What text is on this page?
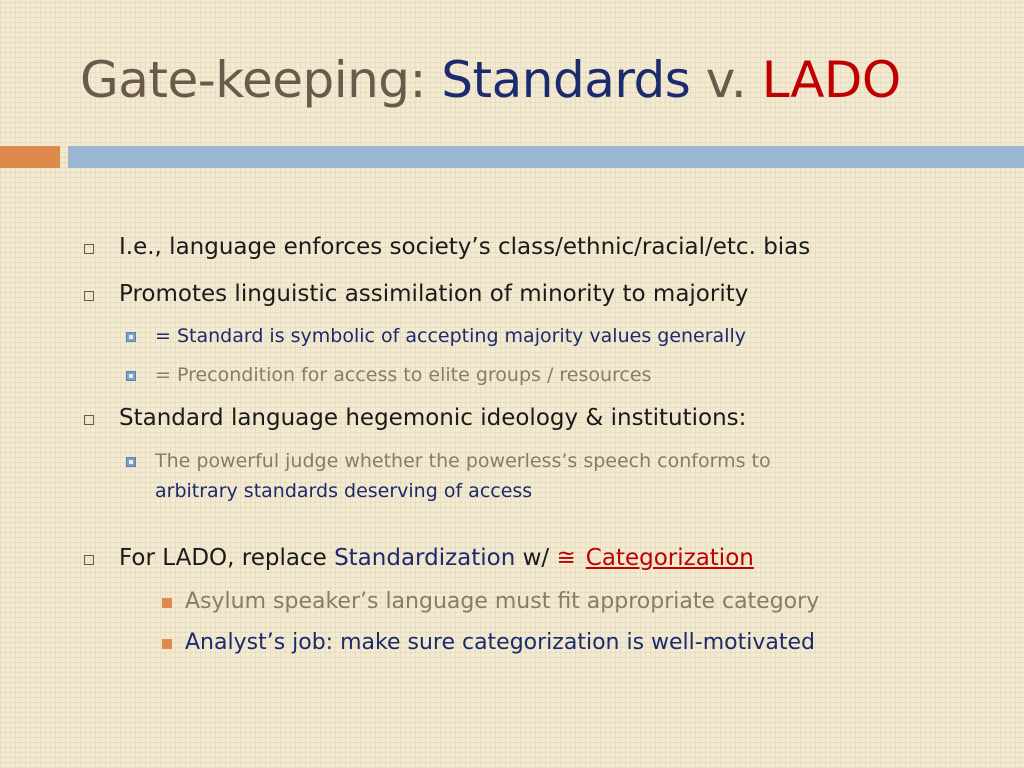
Gate-keeping: Standards v. LADO
I.e., language enforces society’s class/ethnic/racial/etc. bias
Promotes linguistic assimilation of minority to majority
= Standard is symbolic of accepting majority values generally
= Precondition for access to elite groups / resources
Standard language hegemonic ideology & institutions:
The powerful judge whether the powerless’s speech conforms to
arbitrary standards deserving of access
For LADO, replace Standardization w/ ≅ Categorization
Asylum speaker’s language must fit appropriate category
Analyst’s job: make sure categorization is well-motivated
